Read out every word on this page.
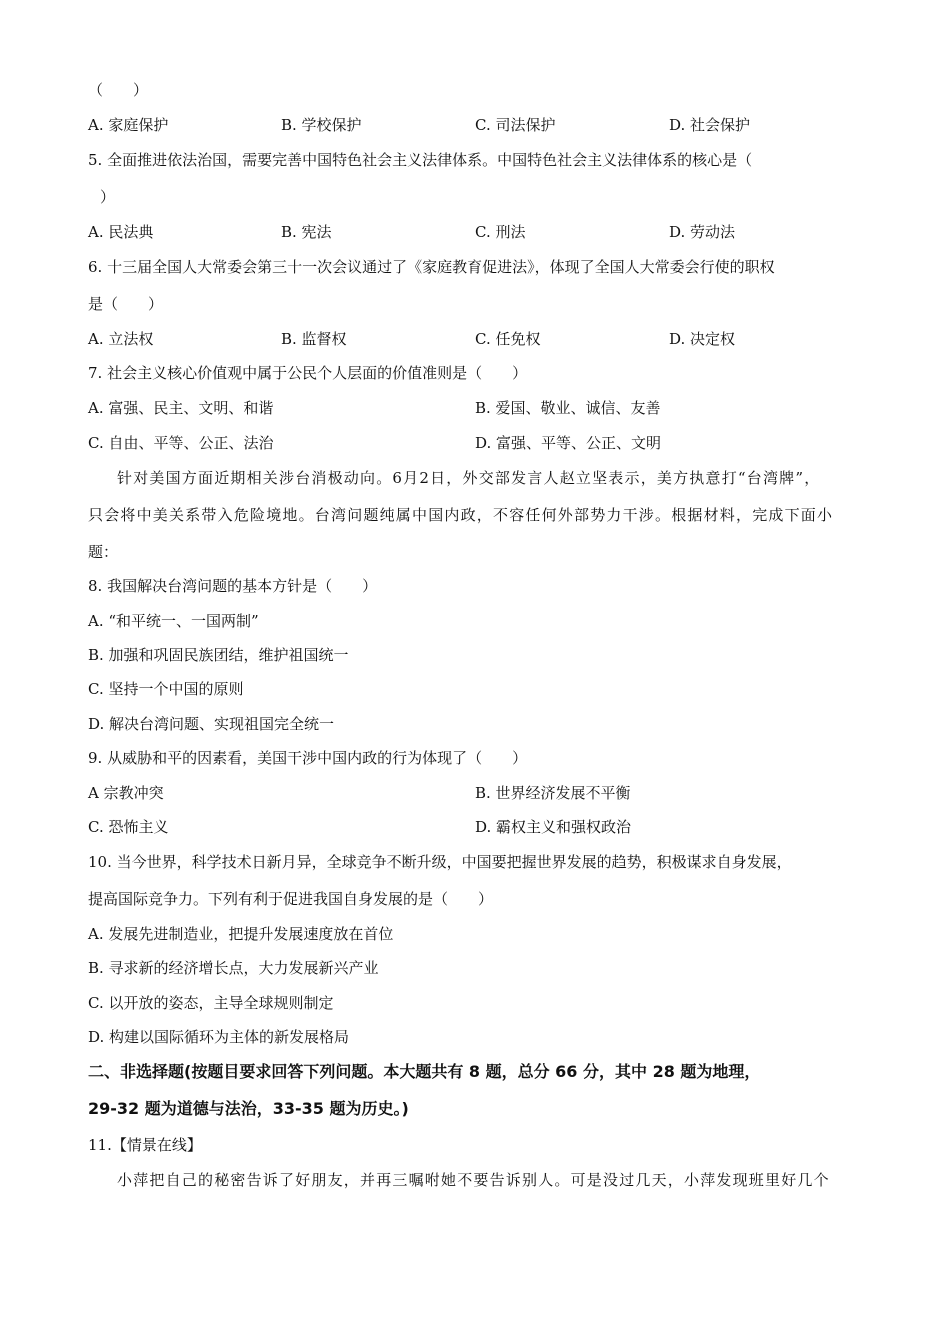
（　　）
A. 家庭保护	B. 学校保护	C. 司法保护	D. 社会保护
5. 全面推进依法治国，需要完善中国特色社会主义法律体系。中国特色社会主义法律体系的核心是（
）
A. 民法典	B. 宪法	C. 刑法	D. 劳动法
6. 十三届全国人大常委会第三十一次会议通过了《家庭教育促进法》，体现了全国人大常委会行使的职权
是（　　）
A. 立法权	B. 监督权	C. 任免权	D. 决定权
7. 社会主义核心价值观中属于公民个人层面的价值准则是（　　）
A. 富强、民主、文明、和谐	B. 爱国、敬业、诚信、友善
C. 自由、平等、公正、法治	D. 富强、平等、公正、文明
针对美国方面近期相关涉台消极动向。6月2日，外交部发言人赵立坚表示，美方执意打“台湾牌”，
只会将中美关系带入危险境地。台湾问题纯属中国内政，不容任何外部势力干涉。根据材料，完成下面小
题：
8. 我国解决台湾问题的基本方针是（　　）
A. “和平统一、一国两制”
B. 加强和巩固民族团结，维护祖国统一
C. 坚持一个中国的原则
D. 解决台湾问题、实现祖国完全统一
9. 从威胁和平的因素看，美国干涉中国内政的行为体现了（　　）
A 宗教冲突	B. 世界经济发展不平衡
C. 恐怖主义	D. 霸权主义和强权政治
10. 当今世界，科学技术日新月异，全球竞争不断升级，中国要把握世界发展的趋势，积极谋求自身发展，
提高国际竞争力。下列有利于促进我国自身发展的是（　　）
A. 发展先进制造业，把提升发展速度放在首位
B. 寻求新的经济增长点，大力发展新兴产业
C. 以开放的姿态，主导全球规则制定
D. 构建以国际循环为主体的新发展格局
二、非选择题(按题目要求回答下列问题。本大题共有 8 题，总分 66 分，其中 28 题为地理，
29-32 题为道德与法治，33-35 题为历史。)
11.【情景在线】
小萍把自己的秘密告诉了好朋友，并再三嘱咐她不要告诉别人。可是没过几天，小萍发现班里好几个
